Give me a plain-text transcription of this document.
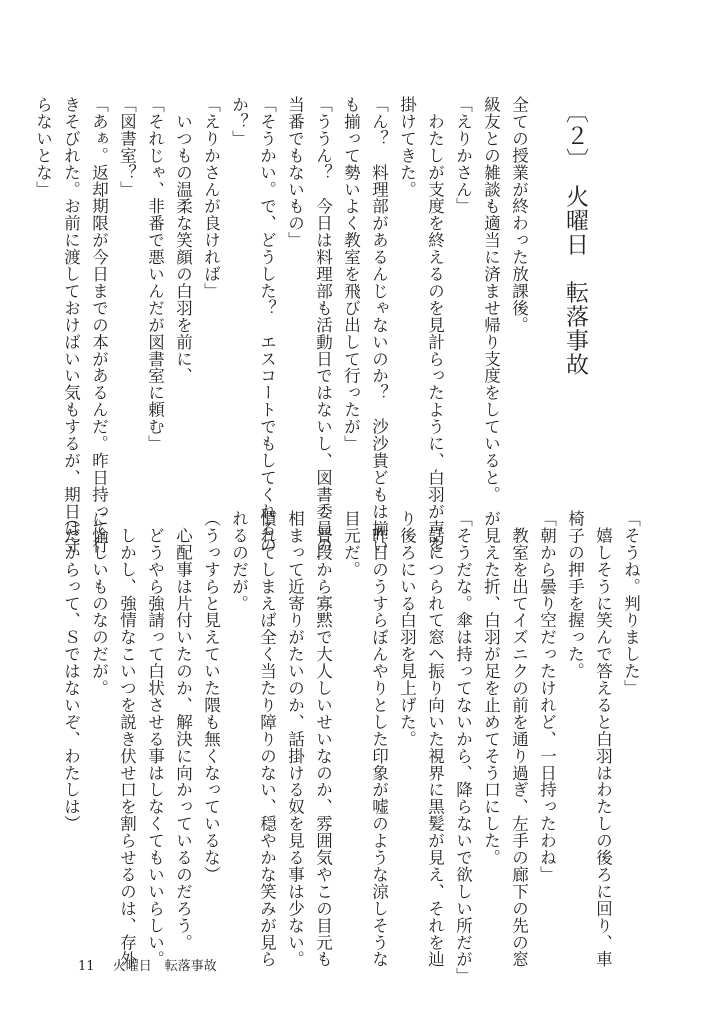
〔２〕　火曜日　転落事故
全ての授業が終わった放課後。
級友との雑談も適当に済ませ帰り支度をしていると。
「えりかさん」
　わたしが支度を終えるのを見計らったように、白羽が声を
掛けてきた。
「ん？　料理部があるんじゃないのか？　沙沙貴どもは揃い
も揃って勢いよく教室を飛び出して行ったが」
「ううん？　今日は料理部も活動日ではないし、図書委員の
当番でもないもの」
「そうかい。で、どうした？　エスコートでもしてくれるの
か？」
「えりかさんが良ければ」
　いつもの温柔な笑顔の白羽を前に、
「それじゃ、非番で悪いんだが図書室に頼む」
「図書室？」
「あぁ。返却期限が今日までの本があるんだ。昨日持って行
きそびれた。お前に渡しておけばいい気もするが、期日は守
らないとな」
「そうね。判りました」
　嬉しそうに笑んで答えると白羽はわたしの後ろに回り、車
椅子の押手を握った。
「朝から曇り空だったけれど、一日持ったわね」
　教室を出てイズニクの前を通り過ぎ、左手の廊下の先の窓
が見えた折、白羽が足を止めてそう口にした。
「そうだな。傘は持ってないから、降らないで欲しい所だが」
　話につられて窓へ振り向いた視界に黒髪が見え、それを辿
り後ろにいる白羽を見上げた。
　昨日のうすらぼんやりとした印象が嘘のような涼しそうな
目元だ。
　普段から寡黙で大人しいせいなのか、雰囲気やこの目元も
相まって近寄りがたいのか、話掛ける奴を見る事は少ない。
慣れてしまえば全く当たり障りのない、穏やかな笑みが見ら
れるのだが。
（うっすらと見えていた隈も無くなっているな）
　心配事は片付いたのか、解決に向かっているのだろう。
　どうやら強請って白状させる事はしなくてもいいらしい。
　しかし、強情なこいつを説き伏せ口を割らせるのは、存外
に愉しいものなのだが。
（だからって、Ｓではないぞ、わたしは）
11 火曜日　転落事故
